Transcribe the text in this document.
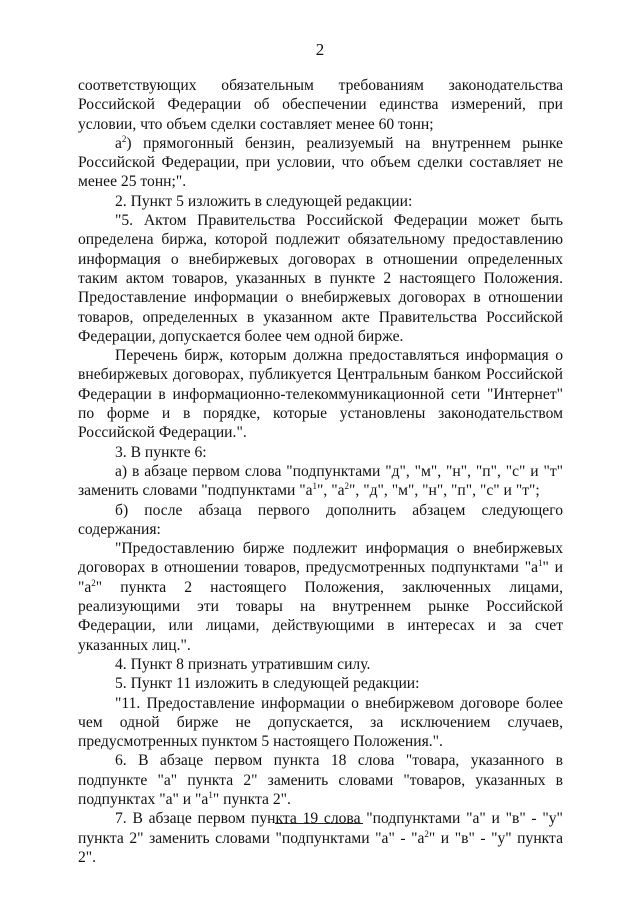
2

соответствующих обязательным требованиям законодательства Российской Федерации об обеспечении единства измерений, при условии, что объем сделки составляет менее 60 тонн;

$а^2$) прямогонный бензин, реализуемый на внутреннем рынке Российской Федерации, при условии, что объем сделки составляет не менее 25 тонн;".

2. Пункт 5 изложить в следующей редакции:

"5. Актом Правительства Российской Федерации может быть определена биржа, которой подлежит обязательному предоставлению информация о внебиржевых договорах в отношении определенных таким актом товаров, указанных в пункте 2 настоящего Положения. Предоставление информации о внебиржевых договорах в отношении товаров, определенных в указанном акте Правительства Российской Федерации, допускается более чем одной бирже.

Перечень бирж, которым должна предоставляться информация о внебиржевых договорах, публикуется Центральным банком Российской Федерации в информационно-телекоммуникационной сети "Интернет" по форме и в порядке, которые установлены законодательством Российской Федерации.".

3. В пункте 6:

а) в абзаце первом слова "подпунктами "д", "м", "н", "п", "с" и "т" заменить словами "подпунктами "$а^1$", "$а^2$", "д", "м", "н", "п", "с" и "т";

б) после абзаца первого дополнить абзацем следующего содержания:

"Предоставлению бирже подлежит информация о внебиржевых договорах в отношении товаров, предусмотренных подпунктами "$а^1$" и "$а^2$" пункта 2 настоящего Положения, заключенных лицами, реализующими эти товары на внутреннем рынке Российской Федерации, или лицами, действующими в интересах и за счет указанных лиц.".

4. Пункт 8 признать утратившим силу.

5. Пункт 11 изложить в следующей редакции:

"11. Предоставление информации о внебиржевом договоре более чем одной бирже не допускается, за исключением случаев, предусмотренных пунктом 5 настоящего Положения.".

6. В абзаце первом пункта 18 слова "товара, указанного в подпункте "а" пункта 2" заменить словами "товаров, указанных в подпунктах "а" и "$а^1$" пункта 2".

7. В абзаце первом пункта 19 слова "подпунктами "а" и "в" - "у" пункта 2" заменить словами "подпунктами "а" - "$а^2$" и "в" - "у" пункта 2".
